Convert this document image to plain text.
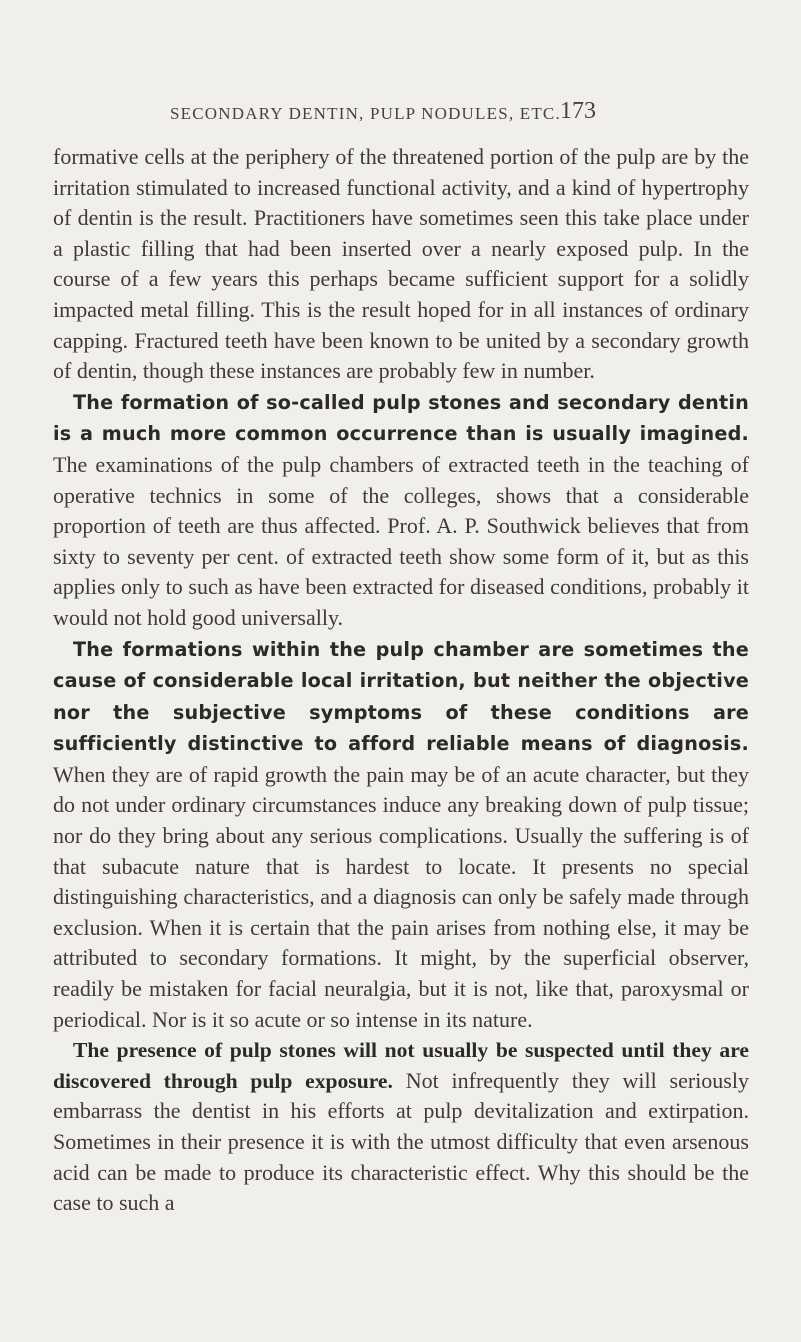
SECONDARY DENTIN, PULP NODULES, ETC. 173

formative cells at the periphery of the threatened portion of the pulp are by the irritation stimulated to increased functional activity, and a kind of hypertrophy of dentin is the result. Practitioners have sometimes seen this take place under a plastic filling that had been inserted over a nearly exposed pulp. In the course of a few years this perhaps became sufficient support for a solidly impacted metal filling. This is the result hoped for in all instances of ordinary capping. Fractured teeth have been known to be united by a secondary growth of dentin, though these instances are probably few in number.

The formation of so-called pulp stones and secondary dentin is a much more common occurrence than is usually imagined. The examinations of the pulp chambers of extracted teeth in the teaching of operative technics in some of the colleges, shows that a considerable proportion of teeth are thus affected. Prof. A. P. Southwick believes that from sixty to seventy per cent. of extracted teeth show some form of it, but as this applies only to such as have been extracted for diseased conditions, probably it would not hold good universally.

The formations within the pulp chamber are sometimes the cause of considerable local irritation, but neither the objective nor the subjective symptoms of these conditions are sufficiently distinctive to afford reliable means of diagnosis. When they are of rapid growth the pain may be of an acute character, but they do not under ordinary circumstances induce any breaking down of pulp tissue; nor do they bring about any serious complications. Usually the suffering is of that subacute nature that is hardest to locate. It presents no special distinguishing characteristics, and a diagnosis can only be safely made through exclusion. When it is certain that the pain arises from nothing else, it may be attributed to secondary formations. It might, by the superficial observer, readily be mistaken for facial neuralgia, but it is not, like that, paroxysmal or periodical. Nor is it so acute or so intense in its nature.

The presence of pulp stones will not usually be suspected until they are discovered through pulp exposure. Not infrequently they will seriously embarrass the dentist in his efforts at pulp devitalization and extirpation. Sometimes in their presence it is with the utmost difficulty that even arsenous acid can be made to produce its characteristic effect. Why this should be the case to such a
